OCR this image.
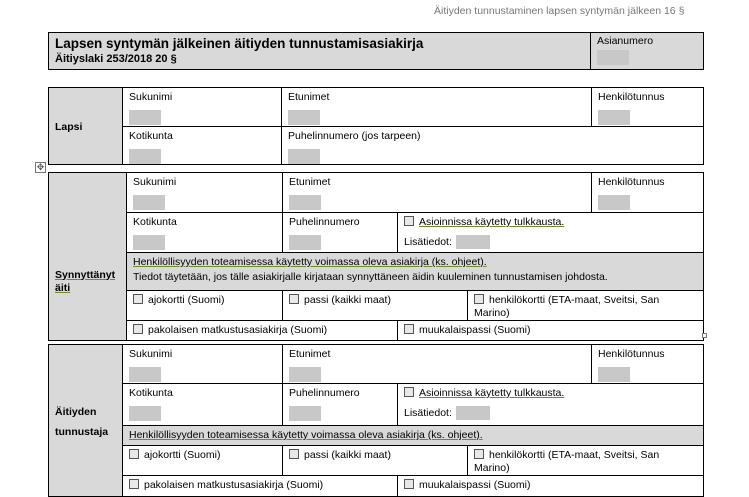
Äitiyden tunnustaminen lapsen syntymän jälkeen 16 §
Lapsen syntymän jälkeinen äitiyden tunnustamisasiakirja
Äitiyslaki 253/2018 20 §
	Asianumero
Lapsi	Sukunimi	Etunimet	Henkilötunnus

	Kotikunta	Puhelinnumero (jos tarpeen)	
✥
Synnyttänyt äiti	Sukunimi	Etunimet			Henkilötunnus

	Kotikunta	Puhelinnumero	Asioinnissa käytetty tulkkausta.
Lisätiedot:		

	Henkilöllisyyden toteamisessa käytetty voimassa oleva asiakirja (ks. ohjeet).
Tiedot täytetään, jos tälle asiakirjalle kirjataan synnyttäneen äidin kuuleminen tunnustamisen johdosta.				

	ajokortti (Suomi)	passi (kaikki maat)		henkilökortti (ETA-maat, Sveitsi, San Marino)	
	pakolaisen matkustusasiakirja (Suomi)		muukalaispassi (Suomi)		
Äitiyden tunnustaja	Sukunimi	Etunimet			Henkilötunnus

	Kotikunta	Puhelinnumero	Asioinnissa käytetty tulkkausta.
Lisätiedot:		

	Henkilöllisyyden toteamisessa käytetty voimassa oleva asiakirja (ks. ohjeet).				

	ajokortti (Suomi)	passi (kaikki maat)		henkilökortti (ETA-maat, Sveitsi, San Marino)	
	pakolaisen matkustusasiakirja (Suomi)		muukalaispassi (Suomi)		
